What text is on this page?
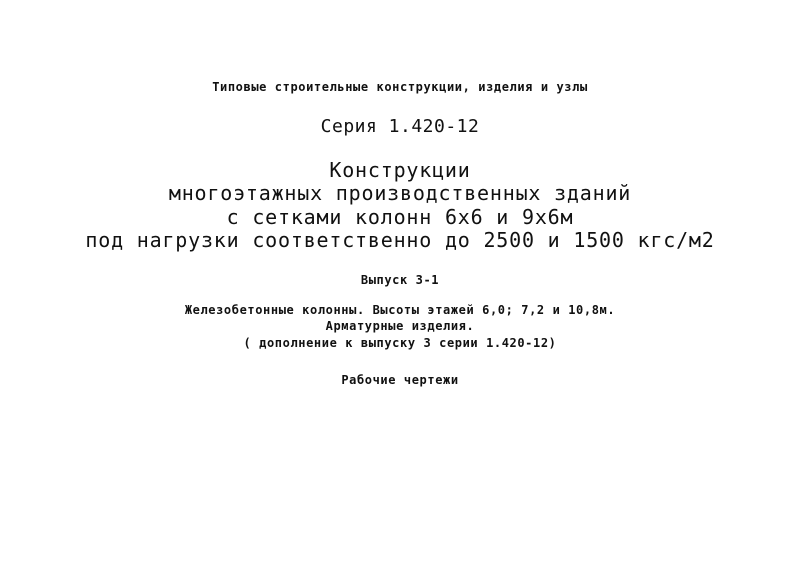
Типовые строительные конструкции, изделия и узлы
Серия 1.420-12
Конструкции
многоэтажных производственных зданий
с сетками колонн 6х6 и 9х6м
под нагрузки соответственно до 2500 и 1500 кгс/м2
Выпуск 3-1
Железобетонные колонны. Высоты этажей 6,0; 7,2 и 10,8м.
Арматурные изделия.
( дополнение к выпуску 3 серии 1.420-12)
Рабочие чертежи
